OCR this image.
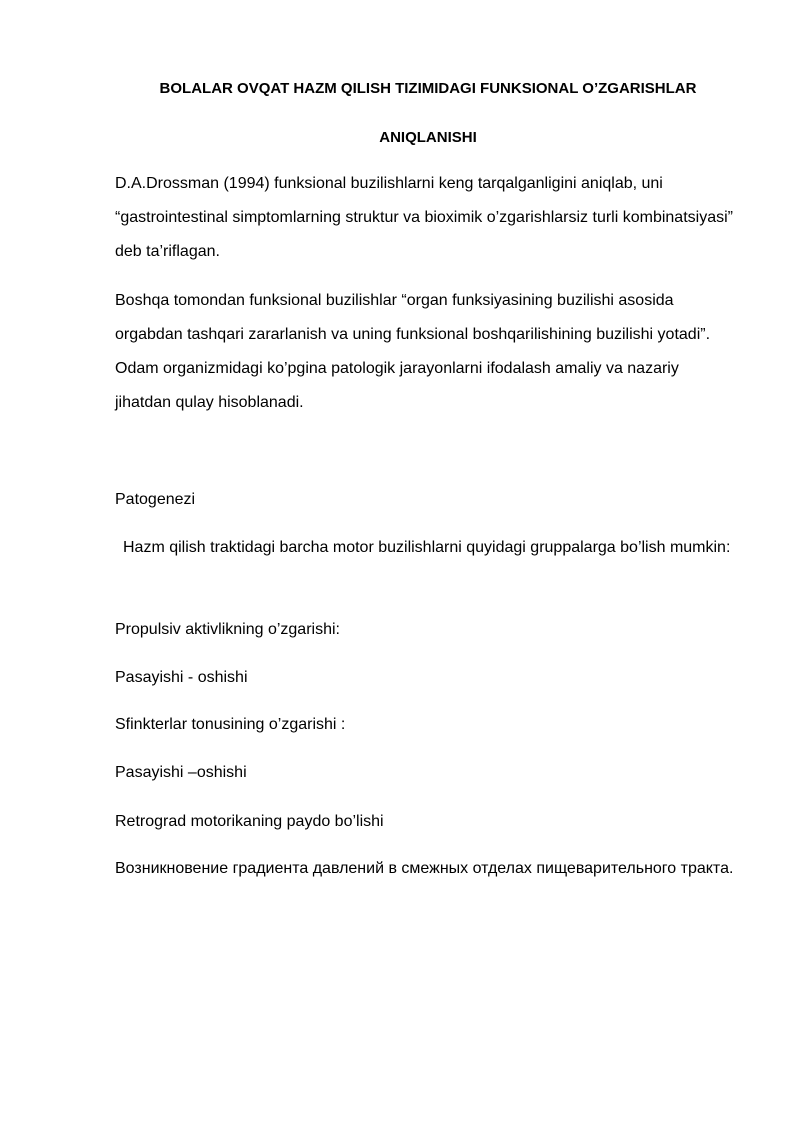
BOLALAR OVQAT HAZM QILISH TIZIMIDAGI FUNKSIONAL O’ZGARISHLAR
ANIQLANISHI

D.A.Drossman (1994) funksional buzilishlarni keng tarqalganligini aniqlab, uni “gastrointestinal simptomlarning struktur va bioximik o’zgarishlarsiz turli kombinatsiyasi” deb ta’riflagan.

Boshqa tomondan funksional buzilishlar “organ funksiyasining buzilishi asosida orgabdan tashqari zararlanish va uning funksional boshqarilishining buzilishi yotadi”. Odam organizmidagi ko’pgina patologik jarayonlarni ifodalash amaliy va nazariy jihatdan qulay hisoblanadi.

Patogenezi

Hazm qilish traktidagi barcha motor buzilishlarni quyidagi gruppalarga bo’lish mumkin:

Propulsiv aktivlikning o’zgarishi:
Pasayishi - oshishi
Sfinkterlar tonusining o’zgarishi :
Pasayishi –oshishi
Retrograd motorikaning paydo bo’lishi

Возникновение градиента давлений в смежных отделах пищеварительного тракта.
